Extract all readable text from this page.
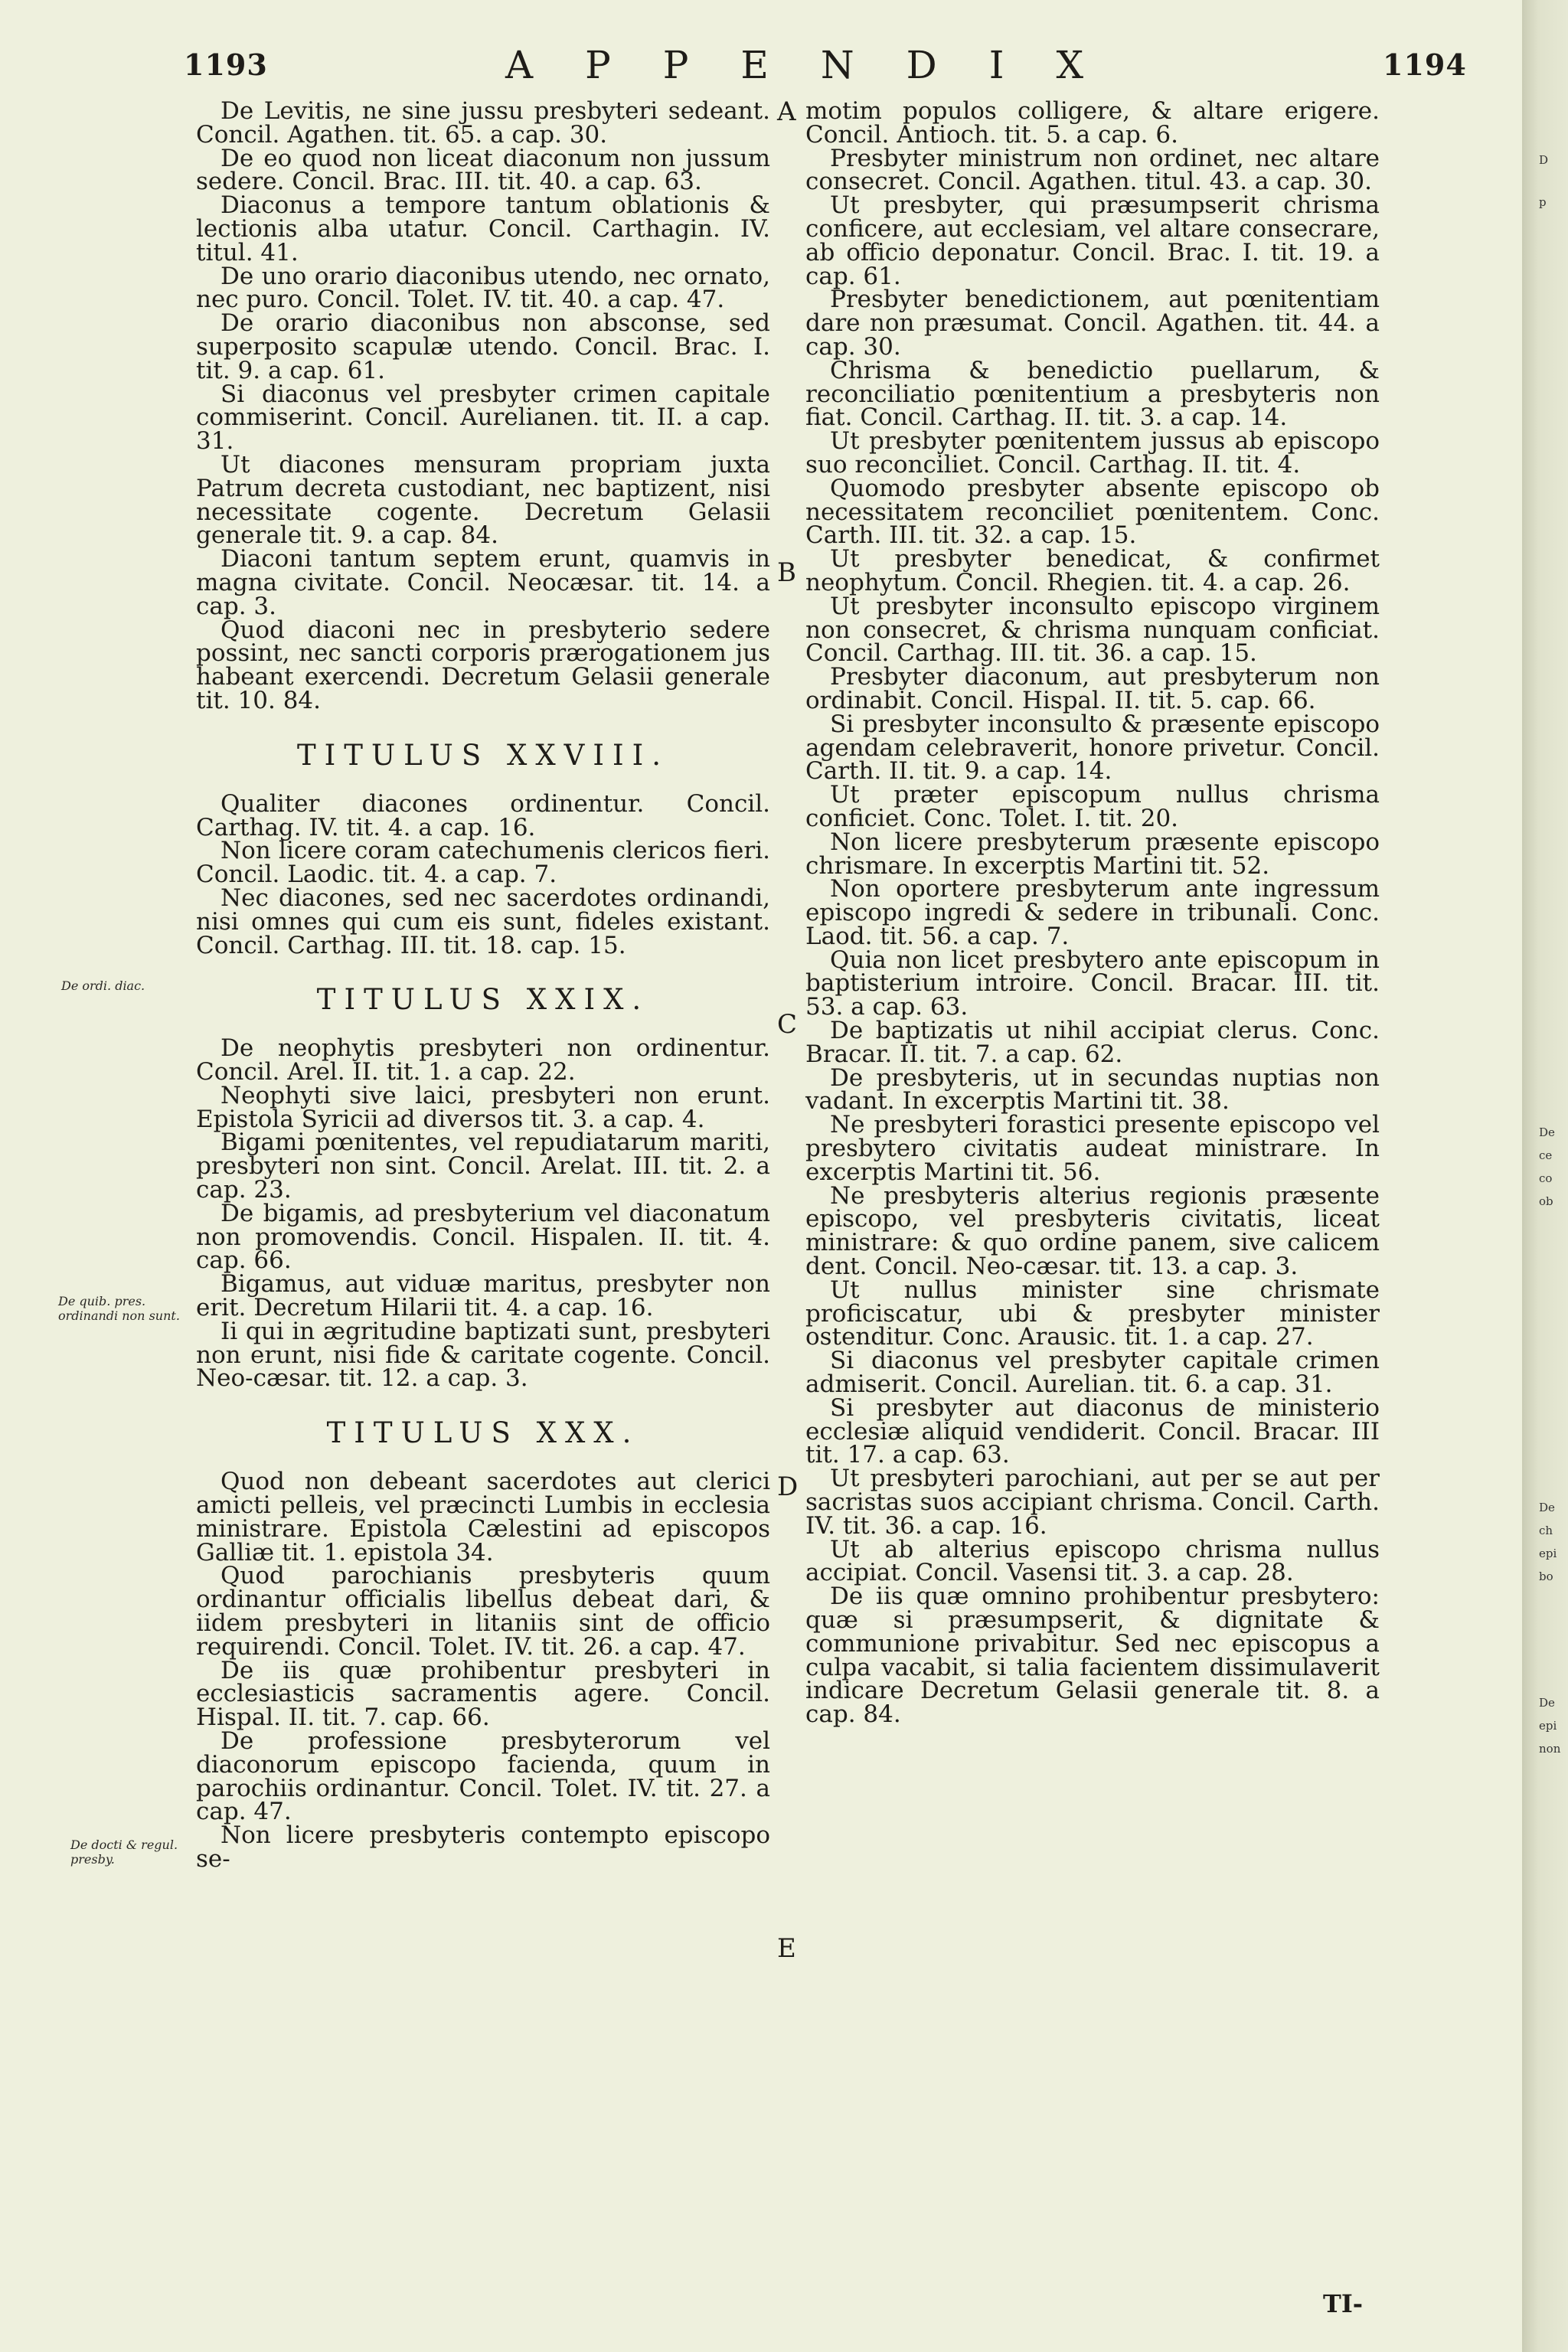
1193	APPENDIX	1194
De ordi. diac.
De quib. pres. ordinandi non sunt.
De docti & regul. presby.
A
B
C
D
E
De Levitis, ne sine jussu presbyteri sedeant. Concil. Agathen. tit. 65. a cap. 30.
De eo quod non liceat diaconum non jussum sedere. Concil. Brac. III. tit. 40. a cap. 63.
Diaconus a tempore tantum oblationis & lectionis alba utatur. Concil. Carthagin. IV. titul. 41.
De uno orario diaconibus utendo, nec ornato, nec puro. Concil. Tolet. IV. tit. 40. a cap. 47.
De orario diaconibus non absconse, sed superposito scapulæ utendo. Concil. Brac. I. tit. 9. a cap. 61.
Si diaconus vel presbyter crimen capitale commiserint. Concil. Aurelianen. tit. II. a cap. 31.
Ut diacones mensuram propriam juxta Patrum decreta custodiant, nec baptizent, nisi necessitate cogente. Decretum Gelasii generale tit. 9. a cap. 84.
Diaconi tantum septem erunt, quamvis in magna civitate. Concil. Neocæsar. tit. 14. a cap. 3.
Quod diaconi nec in presbyterio sedere possint, nec sancti corporis prærogationem jus habeant exercendi. Decretum Gelasii generale tit. 10. 84.
TITULUS XXVIII.
Qualiter diacones ordinentur. Concil. Carthag. IV. tit. 4. a cap. 16.
Non licere coram catechumenis clericos fieri. Concil. Laodic. tit. 4. a cap. 7.
Nec diacones, sed nec sacerdotes ordinandi, nisi omnes qui cum eis sunt, fideles existant. Concil. Carthag. III. tit. 18. cap. 15.
TITULUS XXIX.
De neophytis presbyteri non ordinentur. Concil. Arel. II. tit. 1. a cap. 22.
Neophyti sive laici, presbyteri non erunt. Epistola Syricii ad diversos tit. 3. a cap. 4.
Bigami pœnitentes, vel repudiatarum mariti, presbyteri non sint. Concil. Arelat. III. tit. 2. a cap. 23.
De bigamis, ad presbyterium vel diaconatum non promovendis. Concil. Hispalen. II. tit. 4. cap. 66.
Bigamus, aut viduæ maritus, presbyter non erit. Decretum Hilarii tit. 4. a cap. 16.
Ii qui in ægritudine baptizati sunt, presbyteri non erunt, nisi fide & caritate cogente. Concil. Neo-cæsar. tit. 12. a cap. 3.
TITULUS XXX.
Quod non debeant sacerdotes aut clerici amicti pelleis, vel præcincti Lumbis in ecclesia ministrare. Epistola Cælestini ad episcopos Galliæ tit. 1. epistola 34.
Quod parochianis presbyteris quum ordinantur officialis libellus debeat dari, & iidem presbyteri in litaniis sint de officio requirendi. Concil. Tolet. IV. tit. 26. a cap. 47.
De iis quæ prohibentur presbyteri in ecclesiasticis sacramentis agere. Concil. Hispal. II. tit. 7. cap. 66.
De professione presbyterorum vel diaconorum episcopo facienda, quum in parochiis ordinantur. Concil. Tolet. IV. tit. 27. a cap. 47.
Non licere presbyteris contempto episcopo se-
motim populos colligere, & altare erigere. Concil. Antioch. tit. 5. a cap. 6.
Presbyter ministrum non ordinet, nec altare consecret. Concil. Agathen. titul. 43. a cap. 30.
Ut presbyter, qui præsumpserit chrisma conficere, aut ecclesiam, vel altare consecrare, ab officio deponatur. Concil. Brac. I. tit. 19. a cap. 61.
Presbyter benedictionem, aut pœnitentiam dare non præsumat. Concil. Agathen. tit. 44. a cap. 30.
Chrisma & benedictio puellarum, & reconciliatio pœnitentium a presbyteris non fiat. Concil. Carthag. II. tit. 3. a cap. 14.
Ut presbyter pœnitentem jussus ab episcopo suo reconciliet. Concil. Carthag. II. tit. 4.
Quomodo presbyter absente episcopo ob necessitatem reconciliet pœnitentem. Conc. Carth. III. tit. 32. a cap. 15.
Ut presbyter benedicat, & confirmet neophytum. Concil. Rhegien. tit. 4. a cap. 26.
Ut presbyter inconsulto episcopo virginem non consecret, & chrisma nunquam conficiat. Concil. Carthag. III. tit. 36. a cap. 15.
Presbyter diaconum, aut presbyterum non ordinabit. Concil. Hispal. II. tit. 5. cap. 66.
Si presbyter inconsulto & præsente episcopo agendam celebraverit, honore privetur. Concil. Carth. II. tit. 9. a cap. 14.
Ut præter episcopum nullus chrisma conficiet. Conc. Tolet. I. tit. 20.
Non licere presbyterum præsente episcopo chrismare. In excerptis Martini tit. 52.
Non oportere presbyterum ante ingressum episcopo ingredi & sedere in tribunali. Conc. Laod. tit. 56. a cap. 7.
Quia non licet presbytero ante episcopum in baptisterium introire. Concil. Bracar. III. tit. 53. a cap. 63.
De baptizatis ut nihil accipiat clerus. Conc. Bracar. II. tit. 7. a cap. 62.
De presbyteris, ut in secundas nuptias non vadant. In excerptis Martini tit. 38.
Ne presbyteri forastici presente episcopo vel presbytero civitatis audeat ministrare. In excerptis Martini tit. 56.
Ne presbyteris alterius regionis præsente episcopo, vel presbyteris civitatis, liceat ministrare: & quo ordine panem, sive calicem dent. Concil. Neo-cæsar. tit. 13. a cap. 3.
Ut nullus minister sine chrismate proficiscatur, ubi & presbyter minister ostenditur. Conc. Arausic. tit. 1. a cap. 27.
Si diaconus vel presbyter capitale crimen admiserit. Concil. Aurelian. tit. 6. a cap. 31.
Si presbyter aut diaconus de ministerio ecclesiæ aliquid vendiderit. Concil. Bracar. III tit. 17. a cap. 63.
Ut presbyteri parochiani, aut per se aut per sacristas suos accipiant chrisma. Concil. Carth. IV. tit. 36. a cap. 16.
Ut ab alterius episcopo chrisma nullus accipiat. Concil. Vasensi tit. 3. a cap. 28.
De iis quæ omnino prohibentur presbytero: quæ si præsumpserit, & dignitate & communione privabitur. Sed nec episcopus a culpa vacabit, si talia facientem dissimulaverit indicare Decretum Gelasii generale tit. 8. a cap. 84.
TI-
D
p
De
ce
co
ob
De
ch
epi
bo
De
epi
non
